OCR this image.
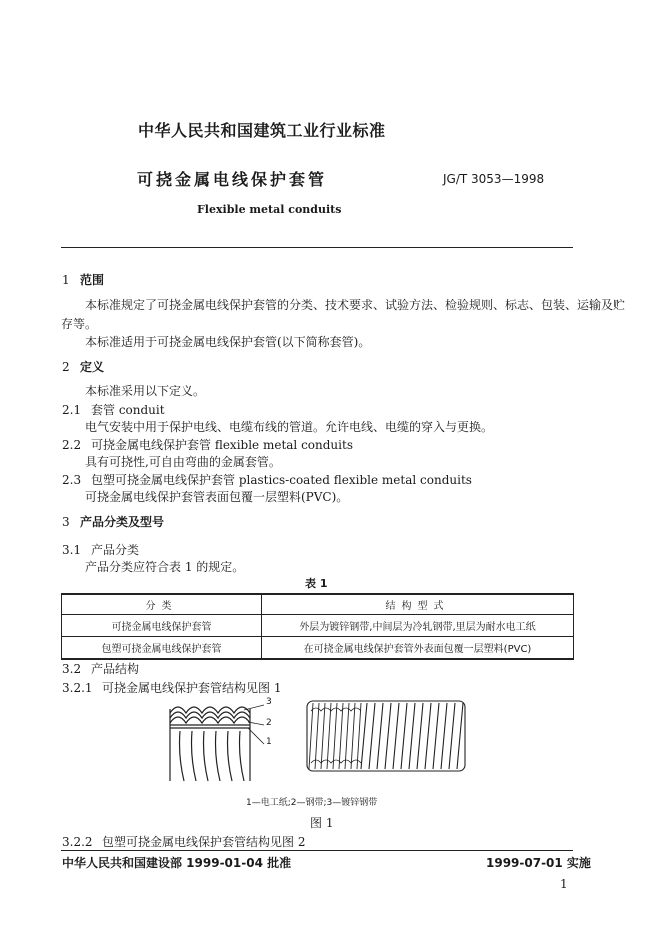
中华人民共和国建筑工业行业标准
可挠金属电线保护套管	JG/T 3053—1998
Flexible metal conduits
1 范围
本标准规定了可挠金属电线保护套管的分类、技术要求、试验方法、检验规则、标志、包装、运输及贮
存等。
本标准适用于可挠金属电线保护套管(以下简称套管)。
2 定义
本标准采用以下定义。
2.1 套管 conduit
电气安装中用于保护电线、电缆布线的管道。允许电线、电缆的穿入与更换。
2.2 可挠金属电线保护套管 flexible metal conduits
具有可挠性,可自由弯曲的金属套管。
2.3 包塑可挠金属电线保护套管 plastics-coated flexible metal conduits
可挠金属电线保护套管表面包覆一层塑料(PVC)。
3 产品分类及型号
3.1 产品分类
产品分类应符合表 1 的规定。
表 1
分类	结构型式
可挠金属电线保护套管	外层为镀锌钢带,中间层为冷轧钢带,里层为耐水电工纸
包塑可挠金属电线保护套管	在可挠金属电线保护套管外表面包覆一层塑料(PVC)
3.2 产品结构
3.2.1 可挠金属电线保护套管结构见图 1
3
2
1
1—电工纸;2—钢带;3—镀锌钢带
图 1
3.2.2 包塑可挠金属电线保护套管结构见图 2
中华人民共和国建设部 1999-01-04 批准	1999-07-01 实施
1
